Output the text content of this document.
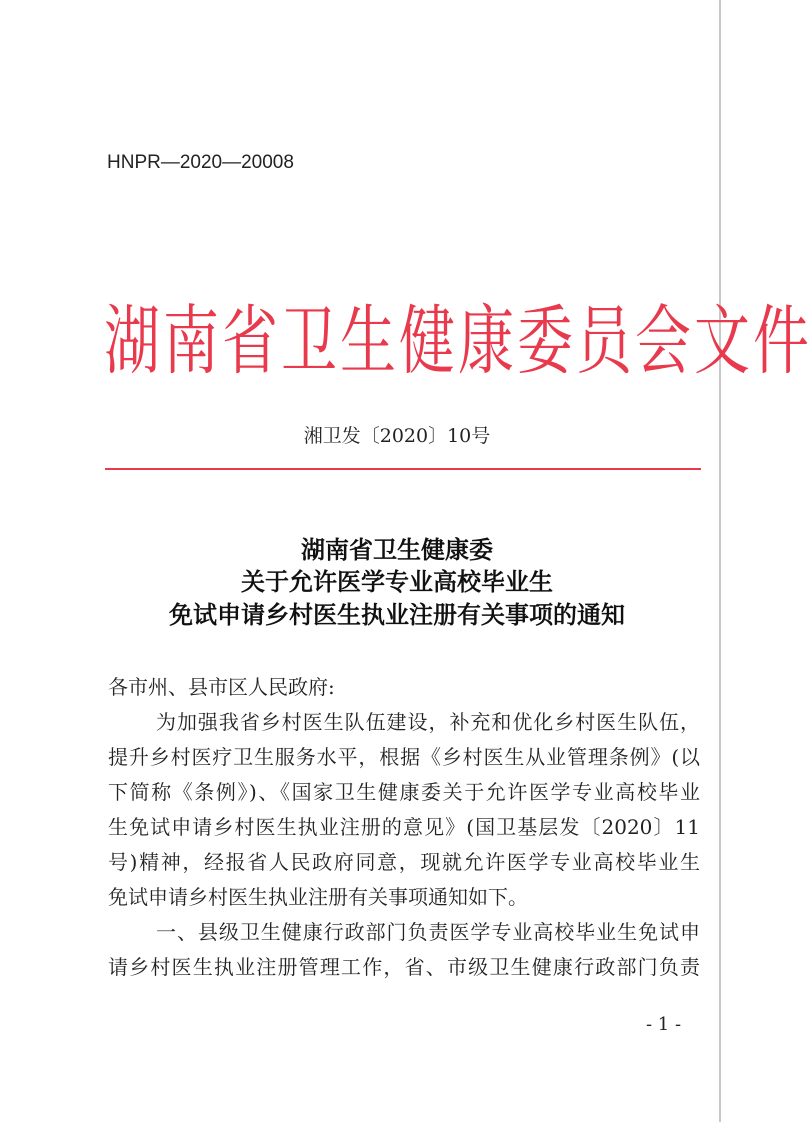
HNPR—2020—20008
湖 南 省 卫 生 健 康 委 员 会 文 件
湘卫发〔2020〕10号
湖南省卫生健康委
关于允许医学专业高校毕业生
免试申请乡村医生执业注册有关事项的通知
各市州、县市区人民政府:
为加强我省乡村医生队伍建设，补充和优化乡村医生队伍，
提升乡村医疗卫生服务水平，根据《乡村医生从业管理条例》(以
下简称《条例》)、《国家卫生健康委关于允许医学专业高校毕业
生免试申请乡村医生执业注册的意见》(国卫基层发〔2020〕11
号)精神，经报省人民政府同意，现就允许医学专业高校毕业生
免试申请乡村医生执业注册有关事项通知如下。
一、县级卫生健康行政部门负责医学专业高校毕业生免试申
请乡村医生执业注册管理工作，省、市级卫生健康行政部门负责
- 1 -
